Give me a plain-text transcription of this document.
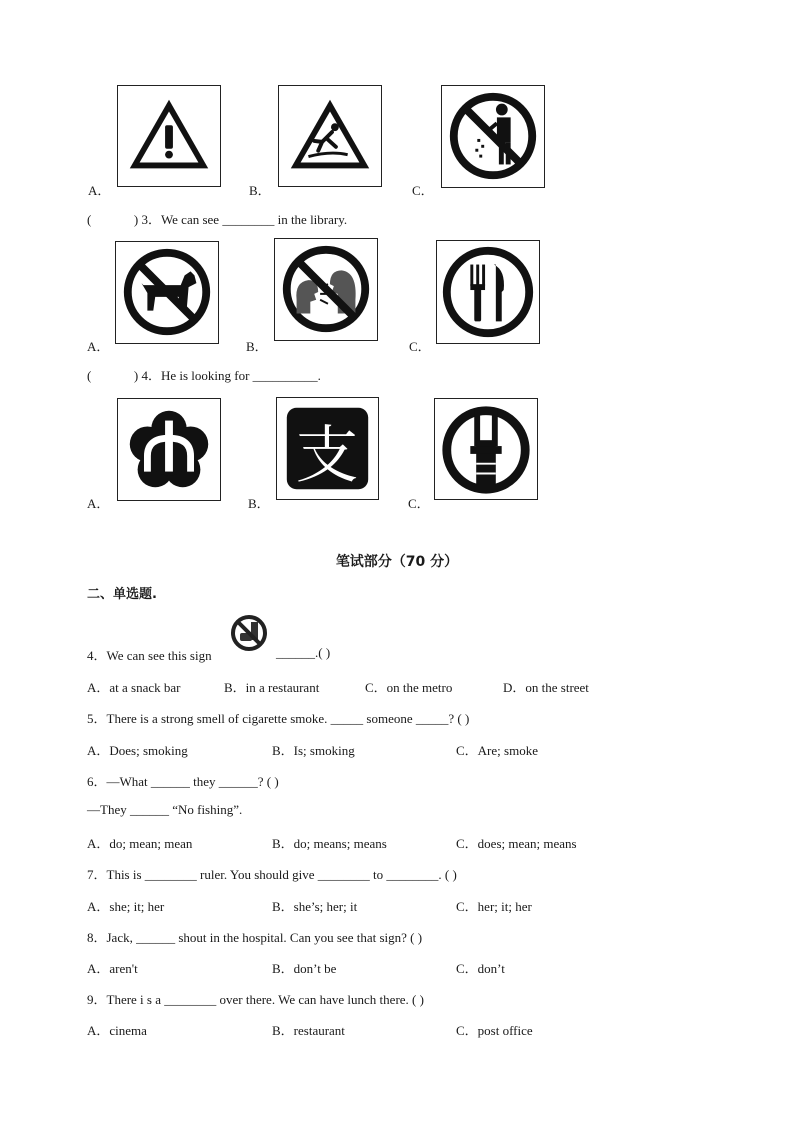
A．	B．	C．
(	) 3．We can see ________ in the library.
A．	B．	C．
(	) 4．He is looking for __________.
A．
支
B．	C．
笔试部分（70 分）
二、单选题.
4．We can see this sign	______.( )
A．at a snack bar	B．in a restaurant	C．on the metro	D．on the street
5．There is a strong smell of cigarette smoke. _____ someone _____? ( )
A．Does; smoking	B．Is; smoking	C．Are; smoke
6．—What ______ they ______? ( )
—They ______ “No fishing”.
A．do; mean; mean	B．do; means; means	C．does; mean; means
7．This is ________ ruler. You should give ________ to ________. ( )
A．she; it; her	B．she’s; her; it	C．her; it; her
8．Jack, ______ shout in the hospital. Can you see that sign? ( )
A．aren't	B．don’t be	C．don’t
9．There i s a ________ over there. We can have lunch there. ( )
A．cinema	B．restaurant	C．post office
